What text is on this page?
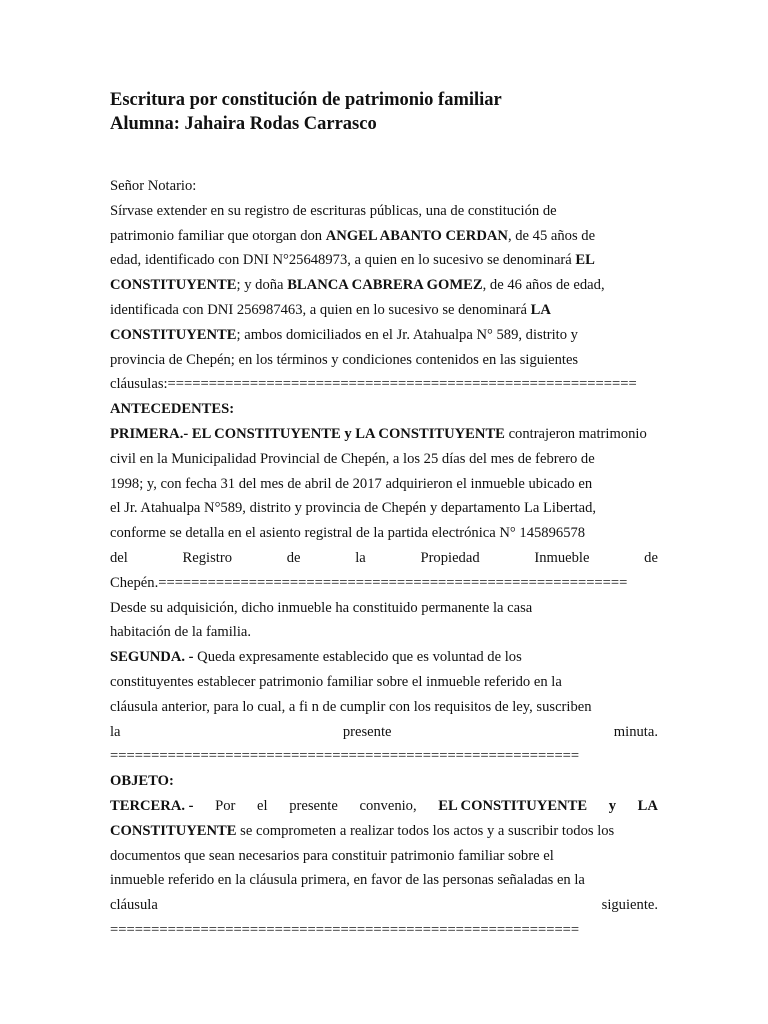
Escritura por constitución de patrimonio familiar

Alumna: Jahaira Rodas Carrasco

Señor Notario:

Sírvase extender en su registro de escrituras públicas, una de constitución de
patrimonio familiar que otorgan don ANGEL ABANTO CERDAN, de 45 años de
edad, identificado con DNI N°25648973, a quien en lo sucesivo se denominará EL
CONSTITUYENTE; y doña BLANCA CABRERA GOMEZ, de 46 años de edad,
identificada con DNI 256987463, a quien en lo sucesivo se denominará LA
CONSTITUYENTE; ambos domiciliados en el Jr. Atahualpa N° 589, distrito y
provincia de Chepén; en los términos y condiciones contenidos en las siguientes
cláusulas:=========================================================
ANTECEDENTES:
PRIMERA.- EL CONSTITUYENTE y LA CONSTITUYENTE contrajeron matrimonio
civil en la Municipalidad Provincial de Chepén, a los 25 días del mes de febrero de
1998; y, con fecha 31 del mes de abril de 2017 adquirieron el inmueble ubicado en
el Jr. Atahualpa N°589, distrito y provincia de Chepén y departamento La Libertad,
conforme se detalla en el asiento registral de la partida electrónica N° 145896578
del	Registro	de	la	Propiedad	Inmueble	de
Chepén.=========================================================
Desde su adquisición, dicho inmueble ha constituido permanente la casa
habitación de la familia.
SEGUNDA. - Queda expresamente establecido que es voluntad de los
constituyentes establecer patrimonio familiar sobre el inmueble referido en la
cláusula anterior, para lo cual, a fi n de cumplir con los requisitos de ley, suscriben
la	presente	minuta.
=========================================================
OBJETO:
TERCERA. - Por el presente convenio, EL CONSTITUYENTE y LA
CONSTITUYENTE se comprometen a realizar todos los actos y a suscribir todos los
documentos que sean necesarios para constituir patrimonio familiar sobre el
inmueble referido en la cláusula primera, en favor de las personas señaladas en la
cláusula	siguiente.
=========================================================
